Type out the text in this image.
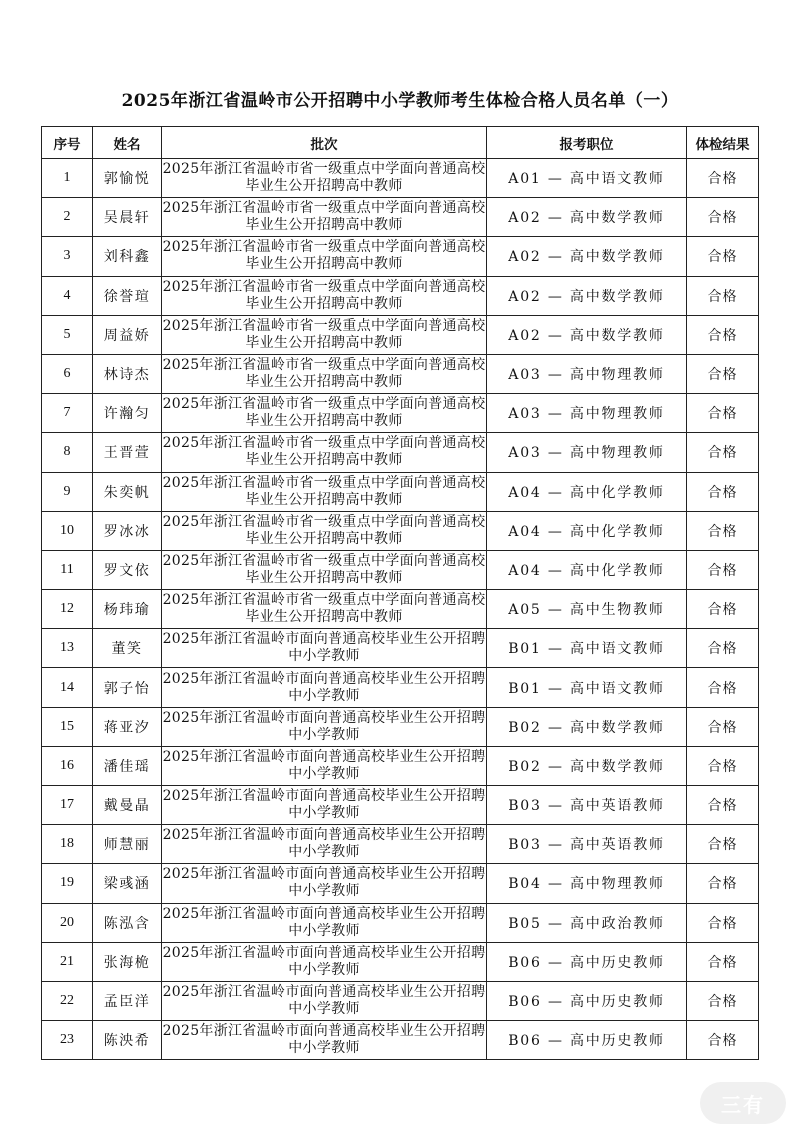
2025年浙江省温岭市公开招聘中小学教师考生体检合格人员名单（一）
序号	姓名	批次	报考职位	体检结果
1	郭愉悦	2025年浙江省温岭市省一级重点中学面向普通高校毕业生公开招聘高中教师	A01 — 高中语文教师	合格
2	吴晨轩	2025年浙江省温岭市省一级重点中学面向普通高校毕业生公开招聘高中教师	A02 — 高中数学教师	合格
3	刘科鑫	2025年浙江省温岭市省一级重点中学面向普通高校毕业生公开招聘高中教师	A02 — 高中数学教师	合格
4	徐誉瑄	2025年浙江省温岭市省一级重点中学面向普通高校毕业生公开招聘高中教师	A02 — 高中数学教师	合格
5	周益娇	2025年浙江省温岭市省一级重点中学面向普通高校毕业生公开招聘高中教师	A02 — 高中数学教师	合格
6	林诗杰	2025年浙江省温岭市省一级重点中学面向普通高校毕业生公开招聘高中教师	A03 — 高中物理教师	合格
7	许瀚匀	2025年浙江省温岭市省一级重点中学面向普通高校毕业生公开招聘高中教师	A03 — 高中物理教师	合格
8	王晋萱	2025年浙江省温岭市省一级重点中学面向普通高校毕业生公开招聘高中教师	A03 — 高中物理教师	合格
9	朱奕帆	2025年浙江省温岭市省一级重点中学面向普通高校毕业生公开招聘高中教师	A04 — 高中化学教师	合格
10	罗冰冰	2025年浙江省温岭市省一级重点中学面向普通高校毕业生公开招聘高中教师	A04 — 高中化学教师	合格
11	罗文依	2025年浙江省温岭市省一级重点中学面向普通高校毕业生公开招聘高中教师	A04 — 高中化学教师	合格
12	杨玮瑜	2025年浙江省温岭市省一级重点中学面向普通高校毕业生公开招聘高中教师	A05 — 高中生物教师	合格
13	董笑	2025年浙江省温岭市面向普通高校毕业生公开招聘中小学教师	B01 — 高中语文教师	合格
14	郭子怡	2025年浙江省温岭市面向普通高校毕业生公开招聘中小学教师	B01 — 高中语文教师	合格
15	蒋亚汐	2025年浙江省温岭市面向普通高校毕业生公开招聘中小学教师	B02 — 高中数学教师	合格
16	潘佳瑶	2025年浙江省温岭市面向普通高校毕业生公开招聘中小学教师	B02 — 高中数学教师	合格
17	戴曼晶	2025年浙江省温岭市面向普通高校毕业生公开招聘中小学教师	B03 — 高中英语教师	合格
18	师慧丽	2025年浙江省温岭市面向普通高校毕业生公开招聘中小学教师	B03 — 高中英语教师	合格
19	梁彧涵	2025年浙江省温岭市面向普通高校毕业生公开招聘中小学教师	B04 — 高中物理教师	合格
20	陈泓含	2025年浙江省温岭市面向普通高校毕业生公开招聘中小学教师	B05 — 高中政治教师	合格
21	张海桅	2025年浙江省温岭市面向普通高校毕业生公开招聘中小学教师	B06 — 高中历史教师	合格
22	孟臣洋	2025年浙江省温岭市面向普通高校毕业生公开招聘中小学教师	B06 — 高中历史教师	合格
23	陈泱希	2025年浙江省温岭市面向普通高校毕业生公开招聘中小学教师	B06 — 高中历史教师	合格
三有
